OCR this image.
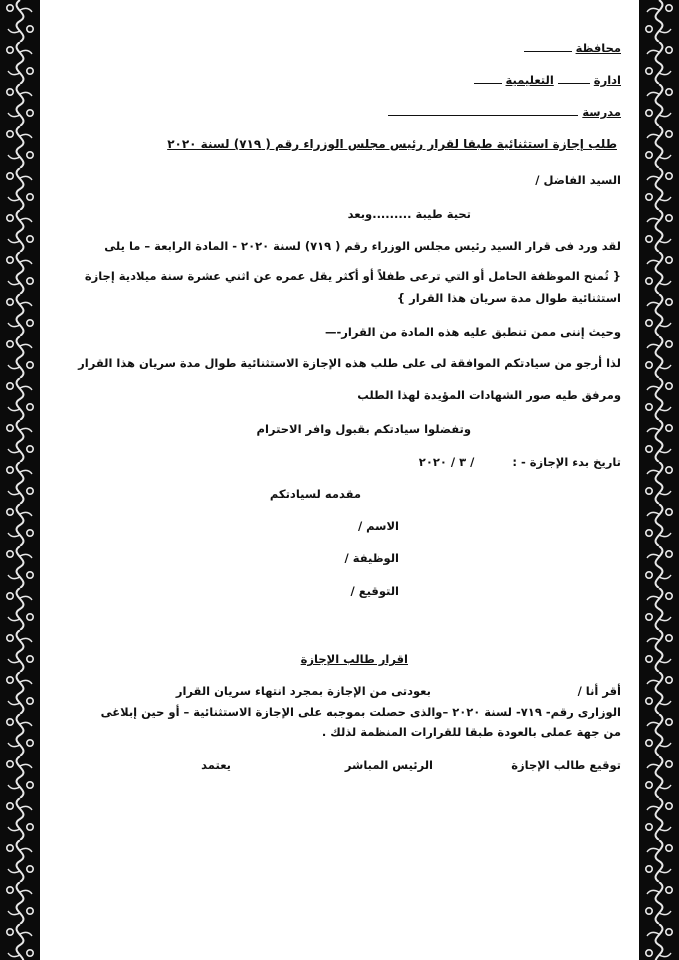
محافظة
ادارة  التعليمية
مدرسة
طلب إجازة استثنائية طبقا لقرار رئيس مجلس الوزراء رقم ( ٧١٩) لسنة ٢٠٢٠
السيد الفاضل /
تحية طيبة .........وبعد
لقد ورد فى قرار السيد رئيس مجلس الوزراء رقم ( ٧١٩) لسنة ٢٠٢٠ - المادة الرابعة – ما يلى
{ تُمنح الموظفة الحامل أو التي ترعى طفلاً أو أكثر يقل عمره عن اثني عشرة سنة ميلادية إجازة
استثنائية طوال مدة سريان هذا القرار }
وحيث إننى ممن تنطبق عليه هذه المادة من القرار-—
لذا أرجو من سيادتكم الموافقة لى على طلب هذه الإجازة الاستثنائية طوال مدة سريان هذا القرار
ومرفق طيه صور الشهادات المؤيدة لهذا الطلب
وتفضلوا سيادتكم بقبول وافر الاحترام
تاريخ بدء الإجازة - :  / ٣ / ٢٠٢٠
مقدمه لسيادتكم
الاسم /
الوظيفة /
التوقيع /
اقرار طالب الإجازة
أقر أنا /
بعودتى من الإجازة بمجرد انتهاء سريان القرار
الوزارى رقم- ٧١٩- لسنة ٢٠٢٠ –والذى حصلت بموجبه على الإجازة الاستثنائية – أو حين إبلاغى
من جهة عملى بالعودة طبقا للقرارات المنظمة لذلك .
توقيع طالب الإجازة
الرئيس المباشر
يعتمد
